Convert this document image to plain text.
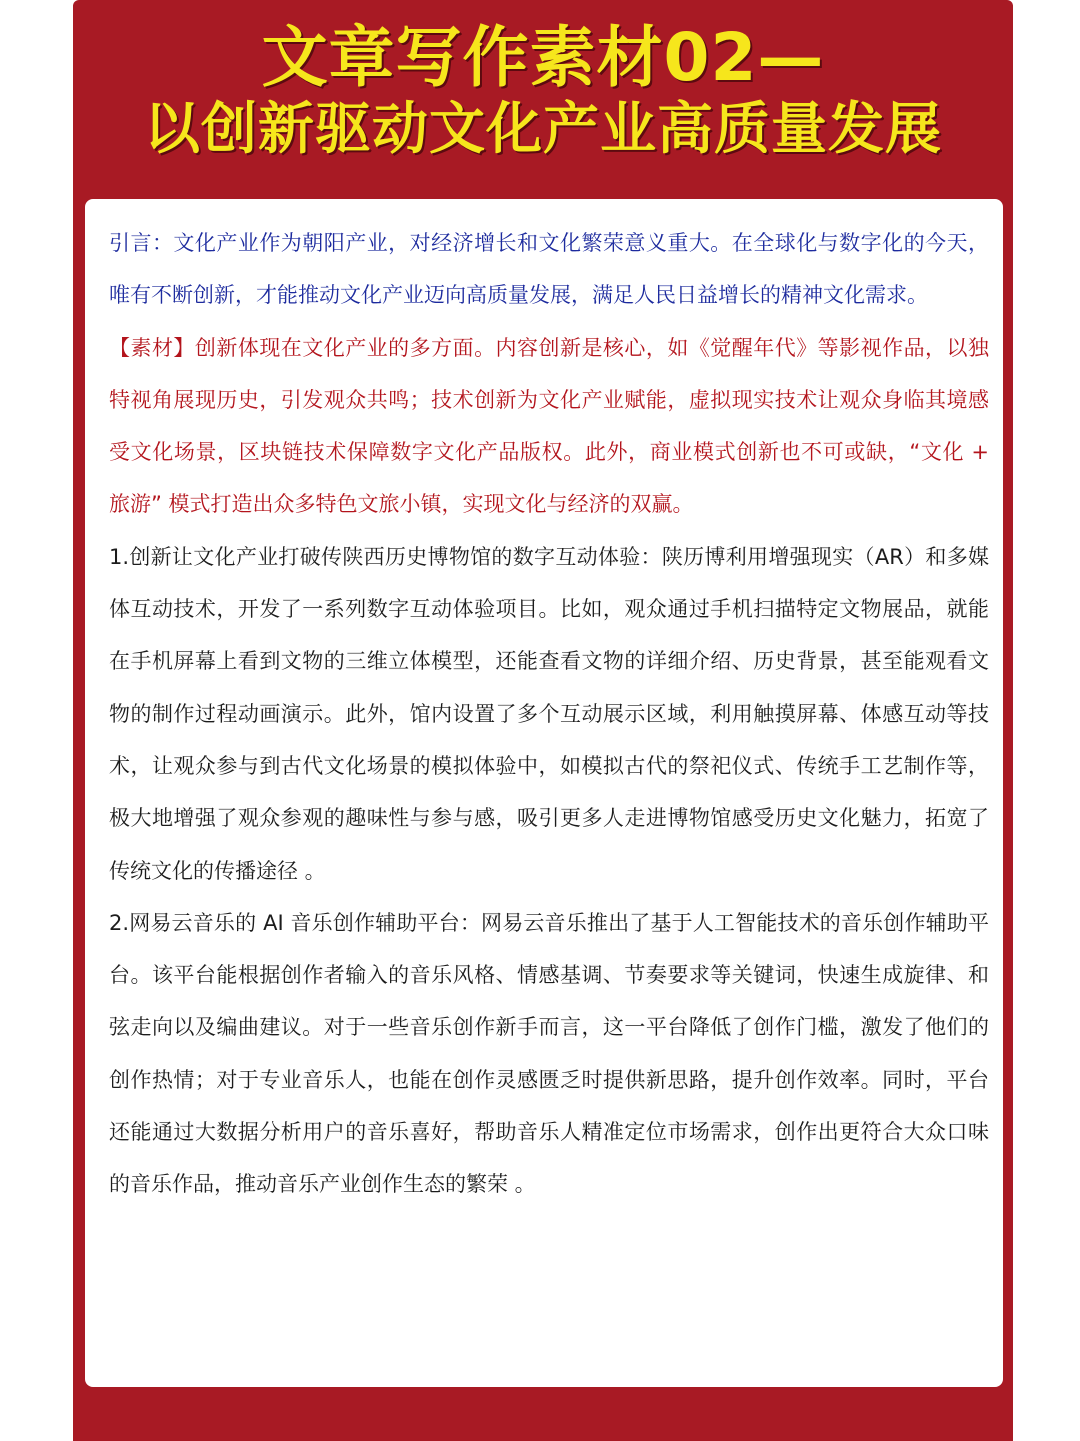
文章写作素材02—
以创新驱动文化产业高质量发展

引言：文化产业作为朝阳产业，对经济增长和文化繁荣意义重大。在全球化与数字化的今天，唯有不断创新，才能推动文化产业迈向高质量发展，满足人民日益增长的精神文化需求。

【素材】创新体现在文化产业的多方面。内容创新是核心，如《觉醒年代》等影视作品，以独特视角展现历史，引发观众共鸣；技术创新为文化产业赋能，虚拟现实技术让观众身临其境感受文化场景，区块链技术保障数字文化产品版权。此外，商业模式创新也不可或缺，“文化 + 旅游” 模式打造出众多特色文旅小镇，实现文化与经济的双赢。

1.创新让文化产业打破传陕西历史博物馆的数字互动体验：陕历博利用增强现实（AR）和多媒体互动技术，开发了一系列数字互动体验项目。比如，观众通过手机扫描特定文物展品，就能在手机屏幕上看到文物的三维立体模型，还能查看文物的详细介绍、历史背景，甚至能观看文物的制作过程动画演示。此外，馆内设置了多个互动展示区域，利用触摸屏幕、体感互动等技术，让观众参与到古代文化场景的模拟体验中，如模拟古代的祭祀仪式、传统手工艺制作等，极大地增强了观众参观的趣味性与参与感，吸引更多人走进博物馆感受历史文化魅力，拓宽了传统文化的传播途径 。

2.网易云音乐的 AI 音乐创作辅助平台：网易云音乐推出了基于人工智能技术的音乐创作辅助平台。该平台能根据创作者输入的音乐风格、情感基调、节奏要求等关键词，快速生成旋律、和弦走向以及编曲建议。对于一些音乐创作新手而言，这一平台降低了创作门槛，激发了他们的创作热情；对于专业音乐人，也能在创作灵感匮乏时提供新思路，提升创作效率。同时，平台还能通过大数据分析用户的音乐喜好，帮助音乐人精准定位市场需求，创作出更符合大众口味的音乐作品，推动音乐产业创作生态的繁荣 。
